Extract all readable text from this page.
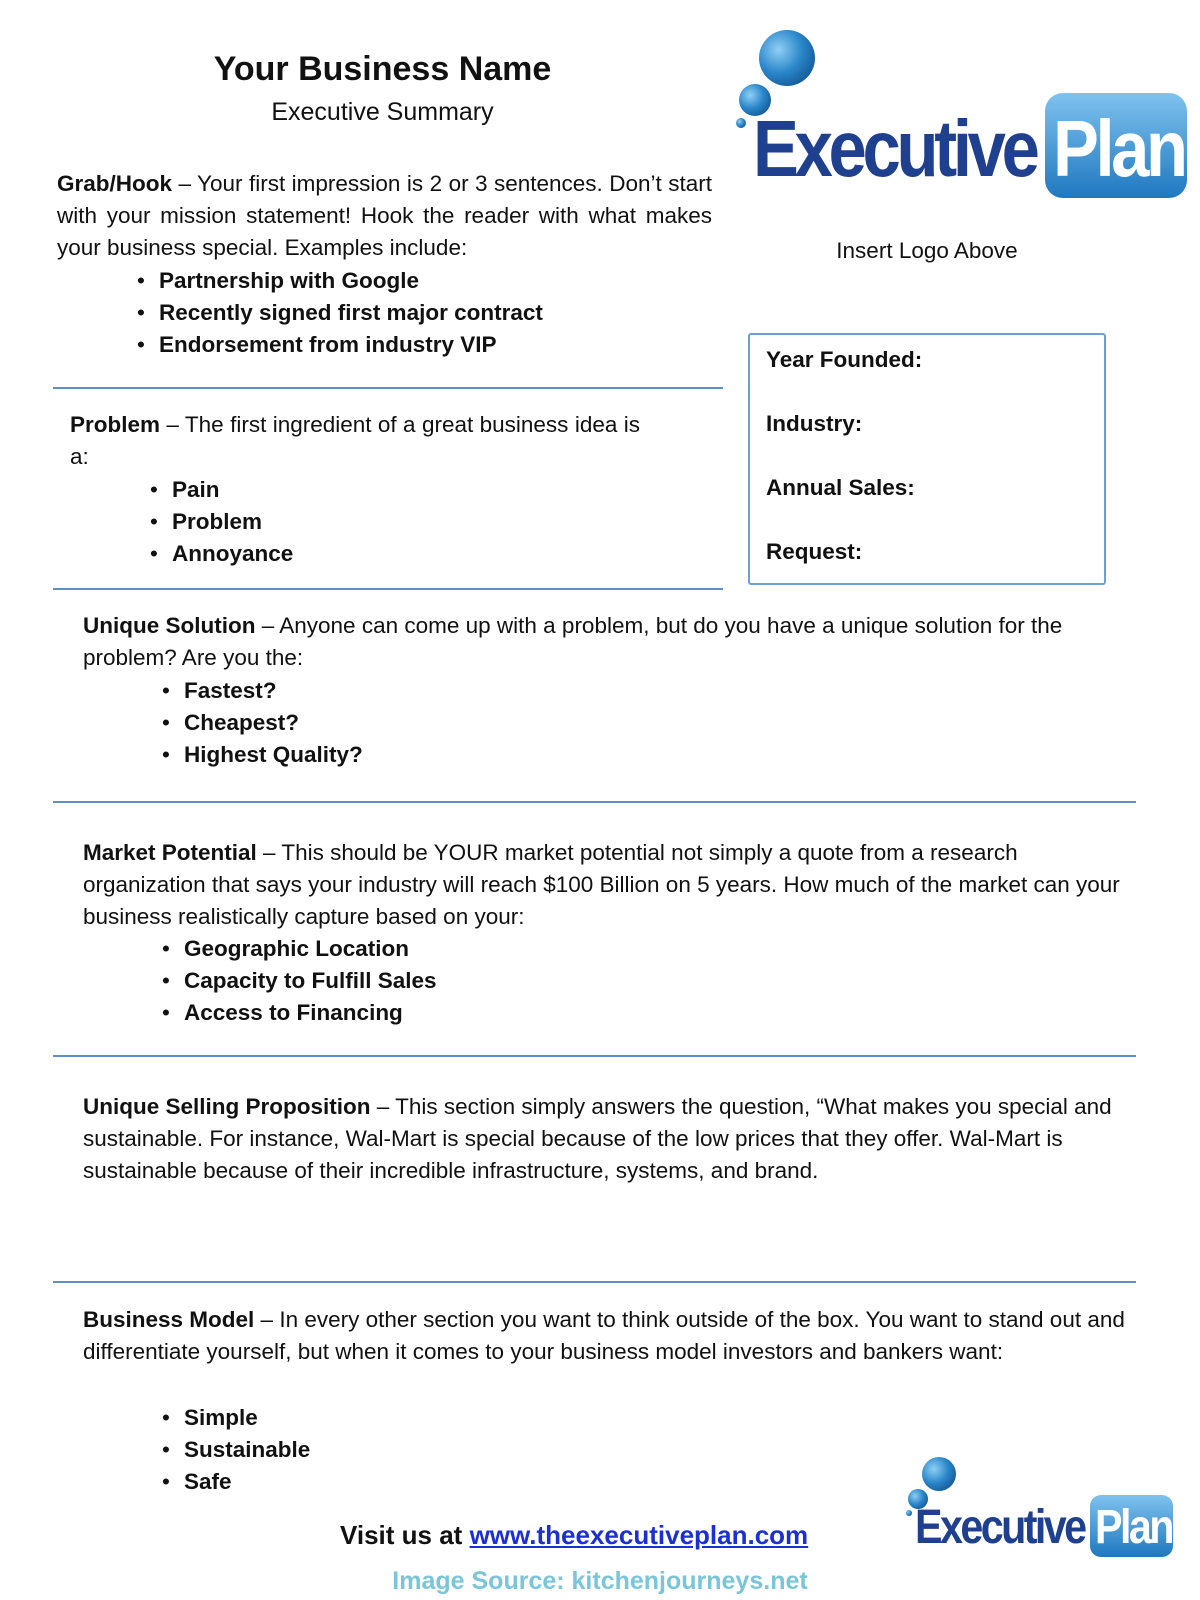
Your Business Name
Executive Summary	Executive Plan
Insert Logo Above
Grab/Hook – Your first impression is 2 or 3 sentences. Don’t start with your mission statement! Hook the reader with what makes your business special. Examples include:
• Partnership with Google
• Recently signed first major contract
• Endorsement from industry VIP
Problem – The first ingredient of a great business idea is a:
• Pain
• Problem
• Annoyance
Year Founded:
Industry:
Annual Sales:
Request:
Unique Solution – Anyone can come up with a problem, but do you have a unique solution for the problem? Are you the:
• Fastest?
• Cheapest?
• Highest Quality?
Market Potential – This should be YOUR market potential not simply a quote from a research organization that says your industry will reach $100 Billion on 5 years. How much of the market can your business realistically capture based on your:
• Geographic Location
• Capacity to Fulfill Sales
• Access to Financing
Unique Selling Proposition – This section simply answers the question, “What makes you special and sustainable. For instance, Wal-Mart is special because of the low prices that they offer. Wal-Mart is sustainable because of their incredible infrastructure, systems, and brand.
Business Model – In every other section you want to think outside of the box. You want to stand out and differentiate yourself, but when it comes to your business model investors and bankers want:
• Simple
• Sustainable
• Safe
Executive Plan
Visit us at www.theexecutiveplan.com
Image Source: kitchenjourneys.net
